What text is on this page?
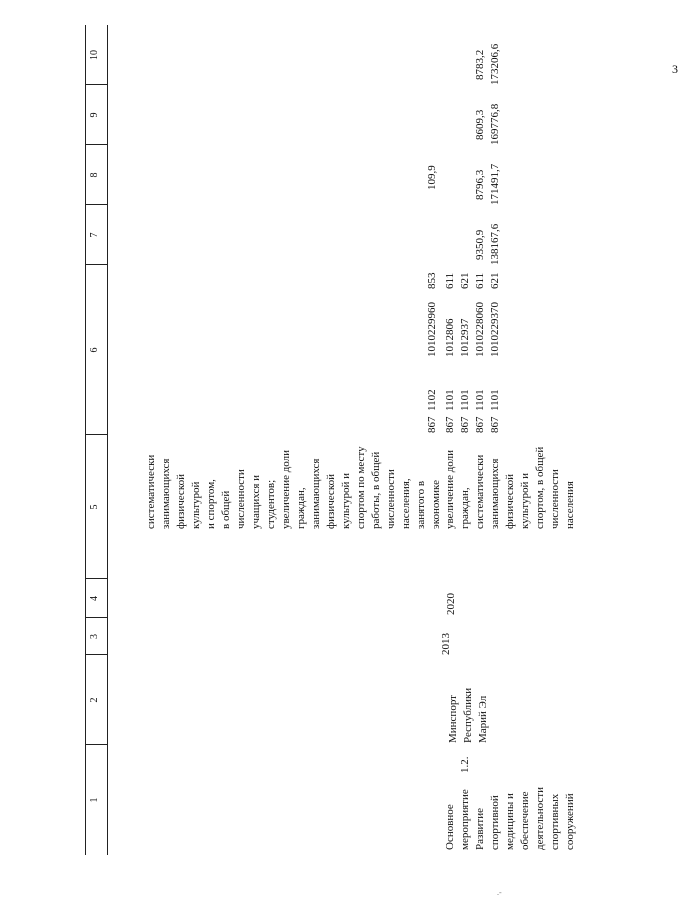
3
.-
1
2
3
4
5
6
7
8
9
10
систематически занимающихся физической культурой и спортом, в общей численности учащихся и студентов; увеличение доли граждан, занимающихся физической культурой и спортом по месту работы, в общей численности населения, занятого в экономике
867
1102
1010229960
853
109,9
Основное мероприятие Развитие спортивной медицины и обеспечение деятельности спортивных сооружений
1.2.
Минспорт Республики Марий Эл
2013
2020
увеличение доли граждан, систематически занимающихся физической культурой и спортом, в общей численности населения
867
1101
1012806
611
867
1101
1012937
621
867
1101
1010228060
611
9350,9
8796,3
8609,3
8783,2
867
1101
1010229370
621
138167,6
171491,7
169776,8
173206,6
